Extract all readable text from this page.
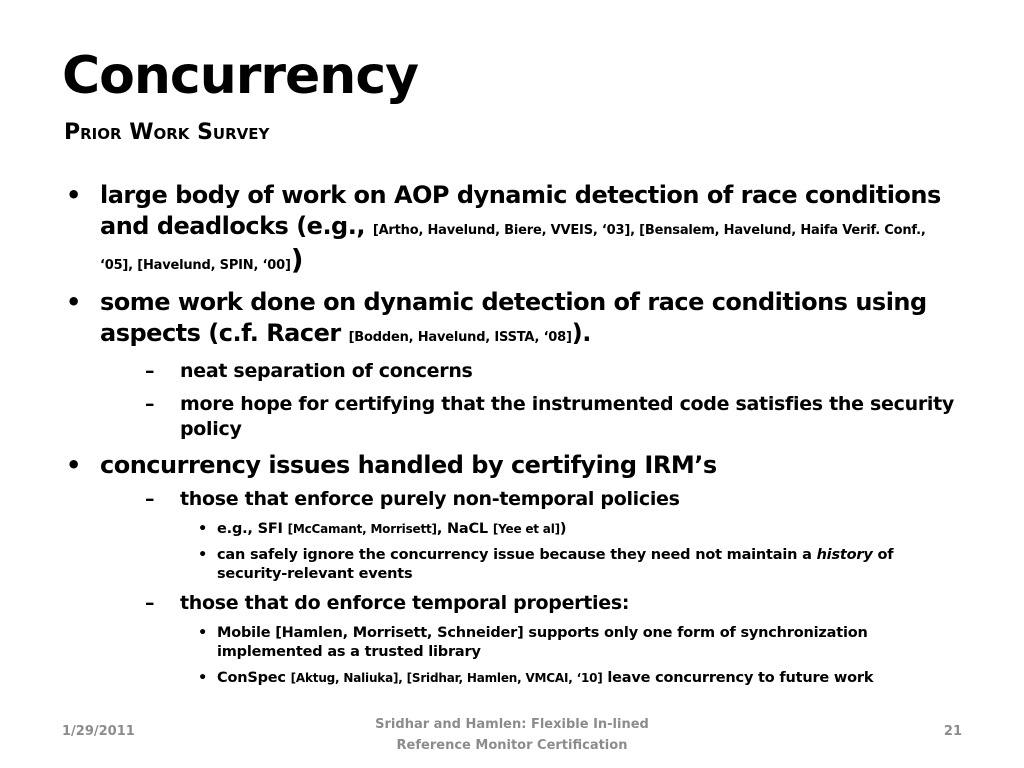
Concurrency
Prior Work Survey
• large body of work on AOP dynamic detection of race conditions and deadlocks (e.g., [Artho, Havelund, Biere, VVEIS, ‘03], [Bensalem, Havelund, Haifa Verif. Conf., ‘05], [Havelund, SPIN, ‘00])
• some work done on dynamic detection of race conditions using aspects (c.f. Racer [Bodden, Havelund, ISSTA, ‘08]).
– neat separation of concerns
– more hope for certifying that the instrumented code satisfies the security policy
• concurrency issues handled by certifying IRM’s
– those that enforce purely non-temporal policies
• e.g., SFI [McCamant, Morrisett], NaCL [Yee et al])
• can safely ignore the concurrency issue because they need not maintain a history of security-relevant events
– those that do enforce temporal properties:
• Mobile [Hamlen, Morrisett, Schneider] supports only one form of synchronization implemented as a trusted library
• ConSpec [Aktug, Naliuka], [Sridhar, Hamlen, VMCAI, ‘10] leave concurrency to future work
1/29/2011	Sridhar and Hamlen: Flexible In-lined
Reference Monitor Certification
21
